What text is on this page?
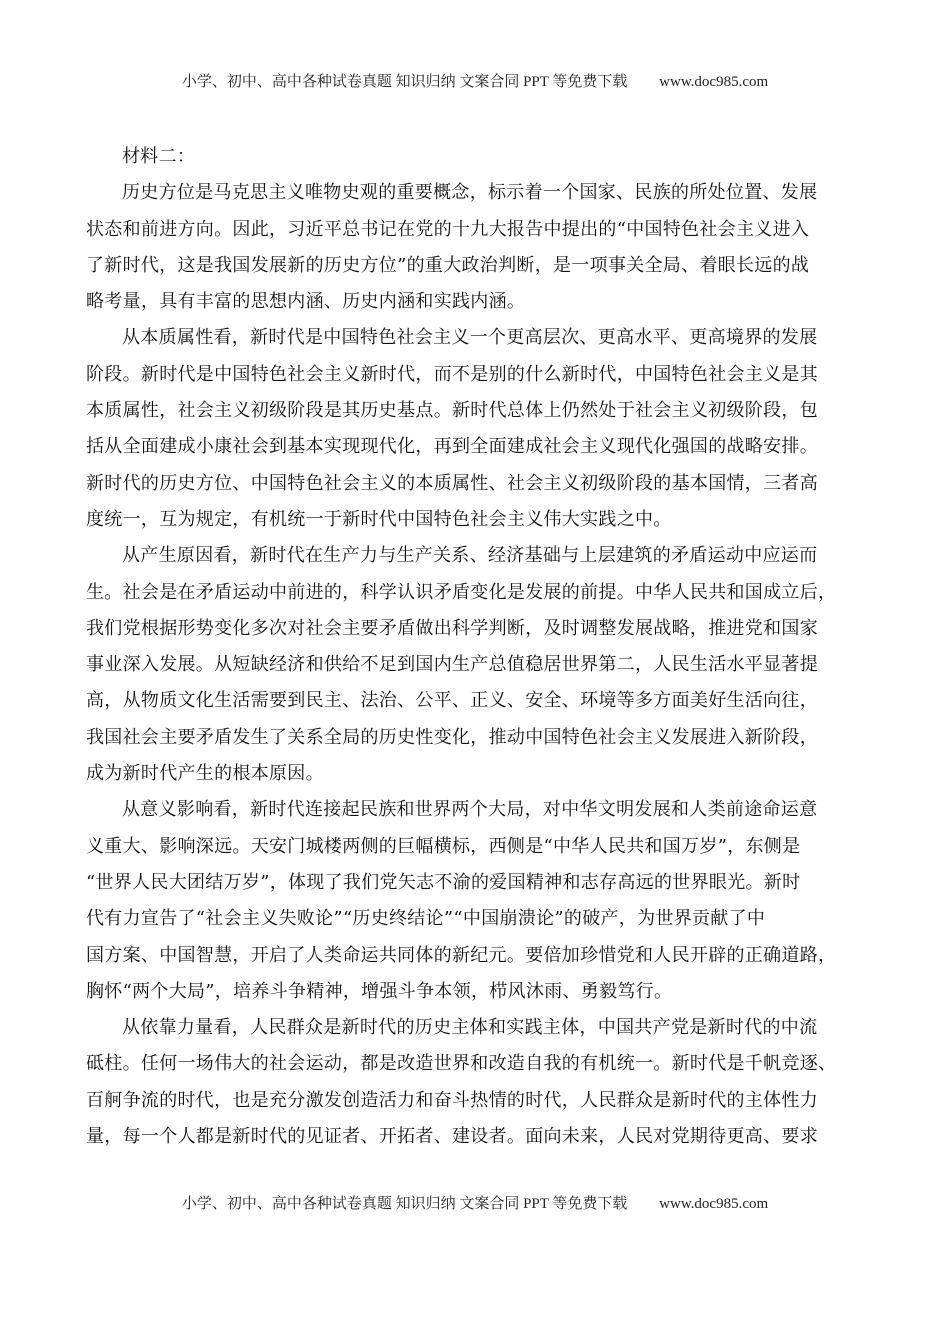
小学、初中、高中各种试卷真题 知识归纳 文案合同 PPT 等免费下载 www.doc985.com
材料二：
历史方位是马克思主义唯物史观的重要概念，标示着一个国家、民族的所处位置、发展
状态和前进方向。因此，习近平总书记在党的十九大报告中提出的“中国特色社会主义进入
了新时代，这是我国发展新的历史方位”的重大政治判断，是一项事关全局、着眼长远的战
略考量，具有丰富的思想内涵、历史内涵和实践内涵。
从本质属性看，新时代是中国特色社会主义一个更高层次、更高水平、更高境界的发展
阶段。新时代是中国特色社会主义新时代，而不是别的什么新时代，中国特色社会主义是其
本质属性，社会主义初级阶段是其历史基点。新时代总体上仍然处于社会主义初级阶段，包
括从全面建成小康社会到基本实现现代化，再到全面建成社会主义现代化强国的战略安排。
新时代的历史方位、中国特色社会主义的本质属性、社会主义初级阶段的基本国情，三者高
度统一，互为规定，有机统一于新时代中国特色社会主义伟大实践之中。
从产生原因看，新时代在生产力与生产关系、经济基础与上层建筑的矛盾运动中应运而
生。社会是在矛盾运动中前进的，科学认识矛盾变化是发展的前提。中华人民共和国成立后，
我们党根据形势变化多次对社会主要矛盾做出科学判断，及时调整发展战略，推进党和国家
事业深入发展。从短缺经济和供给不足到国内生产总值稳居世界第二，人民生活水平显著提
高，从物质文化生活需要到民主、法治、公平、正义、安全、环境等多方面美好生活向往，
我国社会主要矛盾发生了关系全局的历史性变化，推动中国特色社会主义发展进入新阶段，
成为新时代产生的根本原因。
从意义影响看，新时代连接起民族和世界两个大局，对中华文明发展和人类前途命运意
义重大、影响深远。天安门城楼两侧的巨幅横标，西侧是“中华人民共和国万岁”，东侧是
“世界人民大团结万岁”，体现了我们党矢志不渝的爱国精神和志存高远的世界眼光。新时
代有力宣告了“社会主义失败论”“历史终结论”“中国崩溃论”的破产，为世界贡献了中
国方案、中国智慧，开启了人类命运共同体的新纪元。要倍加珍惜党和人民开辟的正确道路，
胸怀“两个大局”，培养斗争精神，增强斗争本领，栉风沐雨、勇毅笃行。
从依靠力量看，人民群众是新时代的历史主体和实践主体，中国共产党是新时代的中流
砥柱。任何一场伟大的社会运动，都是改造世界和改造自我的有机统一。新时代是千帆竞逐、
百舸争流的时代，也是充分激发创造活力和奋斗热情的时代，人民群众是新时代的主体性力
量，每一个人都是新时代的见证者、开拓者、建设者。面向未来，人民对党期待更高、要求
小学、初中、高中各种试卷真题 知识归纳 文案合同 PPT 等免费下载 www.doc985.com
